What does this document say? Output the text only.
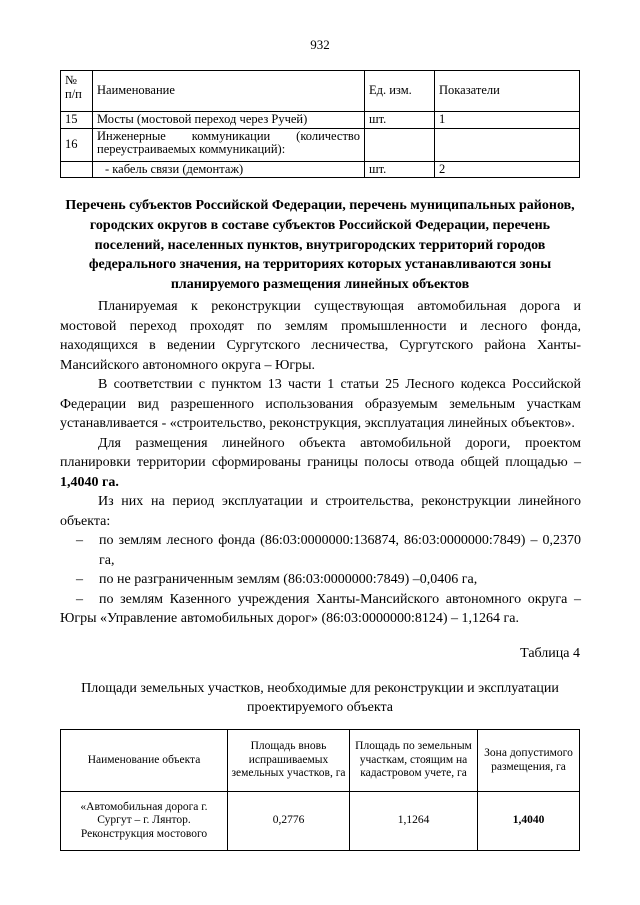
932
№ п/п	Наименование	Ед. изм.	Показатели
15	Мосты (мостовой переход через Ручей)	шт.	1
16	Инженерные коммуникации (количество
переустраиваемых коммуникаций):		

	- кабель связи (демонтаж)	шт.	2
Перечень субъектов Российской Федерации, перечень муниципальных районов, городских округов в составе субъектов Российской Федерации, перечень поселений, населенных пунктов, внутригородских территорий городов федерального значения, на территориях которых устанавливаются зоны планируемого размещения линейных объектов

Планируемая к реконструкции существующая автомобильная дорога и мостовой переход проходят по землям промышленности и лесного фонда, находящихся в ведении Сургутского лесничества, Сургутского района Ханты-Мансийского автономного округа – Югры.

В соответствии с пунктом 13 части 1 статьи 25 Лесного кодекса Российской Федерации вид разрешенного использования образуемым земельным участкам устанавливается - «строительство, реконструкция, эксплуатация линейных объектов».

Для размещения линейного объекта автомобильной дороги, проектом планировки территории сформированы границы полосы отвода общей площадью – 1,4040 га.

Из них на период эксплуатации и строительства, реконструкции линейного объекта:

– по землям лесного фонда (86:03:0000000:136874, 86:03:0000000:7849) – 0,2370 га,

– по не разграниченным землям (86:03:0000000:7849) –0,0406 га,

– по землям Казенного учреждения Ханты-Мансийского автономного округа – Югры «Управление автомобильных дорог» (86:03:0000000:8124) – 1,1264 га.

Таблица 4
Площади земельных участков, необходимые для реконструкции и эксплуатации проектируемого объекта
Наименование объекта	Площадь вновь испрашиваемых земельных участков, га	Площадь по земельным участкам, стоящим на кадастровом учете, га	Зона допустимого размещения, га
«Автомобильная дорога г. Сургут – г. Лянтор. Реконструкция мостового	0,2776	1,1264	1,4040
